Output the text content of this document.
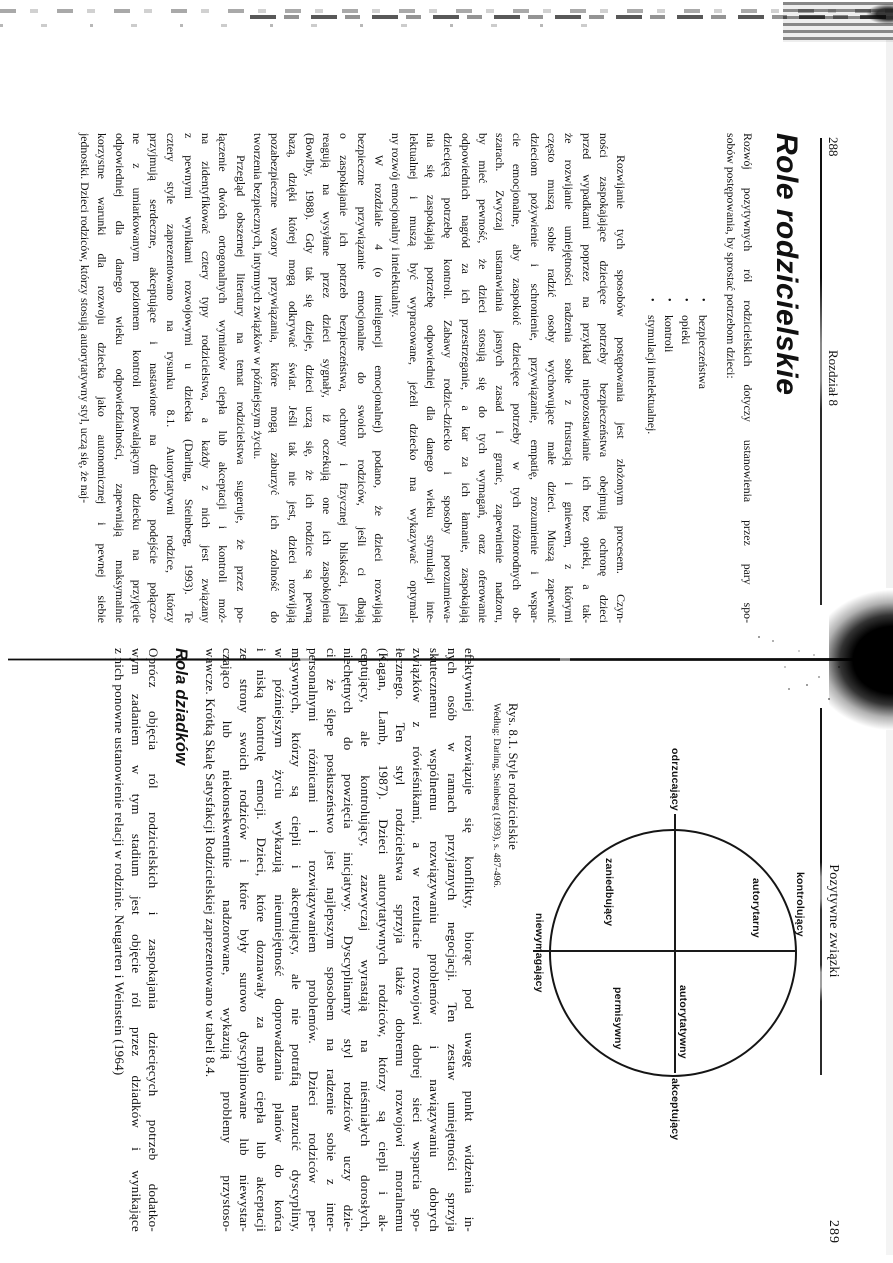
288
Rozdział 8
Role rodzicielskie
Rozwój pozytywnych ról rodzicielskich dotyczy ustanowienia przez pary spo-
sobów postępowania, by sprostać potrzebom dzieci:
•bezpieczeństwa
•opieki
•kontroli
•stymulacji intelektualnej.
Rozwijanie tych sposobów postępowania jest złożonym procesem. Czyn-
ności zaspokajające dziecięce potrzeby bezpieczeństwa obejmują ochronę dzieci
przed wypadkami poprzez na przykład niepozostawianie ich bez opieki, a tak-
że rozwijanie umiejętności radzenia sobie z frustracją i gniewem, z którymi
często muszą sobie radzić osoby wychowujące małe dzieci. Muszą zapewnić
dzieciom pożywienie i schronienie, przywiązanie, empatię, zrozumienie i wspar-
cie emocjonalne, aby zaspokoić dziecięce potrzeby w tych różnorodnych ob-
szarach. Zwyczaj ustanawiania jasnych zasad i granic, zapewnienie nadzoru,
by mieć pewność, że dzieci stosują się do tych wymagań, oraz oferowanie
odpowiednich nagród za ich przestrzeganie, a kar za ich łamanie, zaspokajają
dziecięcą potrzebę kontroli. Zabawy rodzic–dziecko i sposoby porozumiewa-
nia się zaspokajają potrzebę odpowiedniej dla danego wieku stymulacji inte-
lektualnej i muszą być wypracowane, jeżeli dziecko ma wykazywać optymal-
ny rozwój emocjonalny i intelektualny.
W rozdziale 4 (o inteligencji emocjonalnej) podano, że dzieci rozwijają
bezpieczne przywiązanie emocjonalne do swoich rodziców, jeśli ci dbają
o zaspokajanie ich potrzeb bezpieczeństwa, ochrony i fizycznej bliskości, jeśli
reagują na wysyłane przez dzieci sygnały, iż oczekują one ich zaspokojenia
(Bowlby, 1988). Gdy tak się dzieje, dzieci uczą się, że ich rodzice są pewną
bazą, dzięki której mogą odkrywać świat. Jeśli tak nie jest, dzieci rozwijają
pozabezpieczne wzory przywiązania, które mogą zaburzyć ich zdolność do
tworzenia bezpiecznych, intymnych związków w późniejszym życiu.
Przegląd obszernej literatury na temat rodzicielstwa sugeruje, że przez po-
łączenie dwóch ortogonalnych wymiarów ciepła lub akceptacji i kontroli moż-
na zidentyfikować cztery typy rodzicielstwa, a każdy z nich jest związany
z pewnymi wynikami rozwojowymi u dziecka (Darling, Steinberg, 1993). Te
cztery style zaprezentowano na rysunku 8.1. Autorytatywni rodzice, którzy
przyjmują serdeczne, akceptujące i nastawione na dziecko podejście połączo-
ne z umiarkowanym poziomem kontroli pozwalającym dziecku na przyjęcie
odpowiedniej dla danego wieku odpowiedzialności, zapewniają maksymalnie
korzystne warunki dla rozwoju dziecka jako autonomicznej i pewnej siebie
jednostki. Dzieci rodziców, którzy stosują autorytatywny styl, uczą się, że naj-
Pozytywne związki
289
kontrolujący
odrzucający
akceptujący
autorytarny
autorytatywny
zaniedbujący
permisywny
niewymagający
Rys. 8.1. Style rodzicielskie
Według: Darling, Steinberg (1993), s. 487-496.
efektywniej rozwiązuje się konflikty, biorąc pod uwagę punkt widzenia in-
nych osób w ramach przyjaznych negocjacji. Ten zestaw umiejętności sprzyja
skutecznemu wspólnemu rozwiązywaniu problemów i nawiązywaniu dobrych
związków z rówieśnikami, a w rezultacie rozwojowi dobrej sieci wsparcia spo-
łecznego. Ten styl rodzicielstwa sprzyja także dobremu rozwojowi moralnemu
(Kagan, Lamb, 1987). Dzieci autorytatywnych rodziców, którzy są ciepli i ak-
ceptujący, ale kontrolujący, zazwyczaj wyrastają na nieśmiałych dorosłych,
niechętnych do powzięcia inicjatywy. Dyscyplinarny styl rodziców uczy dzie-
ci, że ślepe posłuszeństwo jest najlepszym sposobem na radzenie sobie z inter-
personalnymi różnicami i rozwiązywaniem problemów. Dzieci rodziców per-
misywnych, którzy są ciepli i akceptujący, ale nie potrafią narzucić dyscypliny,
w późniejszym życiu wykazują nieumiejętność doprowadzania planów do końca
i niską kontrolę emocji. Dzieci, które doznawały za mało ciepła lub akceptacji
ze strony swoich rodziców i które były surowo dyscyplinowane lub niewystar-
czająco lub niekonsekwentnie nadzorowane, wykazują problemy przystoso-
wawcze. Krótką Skalę Satysfakcji Rodzicielskiej zaprezentowano w tabeli 8.4.
Rola dziadków
Oprócz objęcia ról rodzicielskich i zaspokajania dziecięcych potrzeb dodatko-
wym zadaniem w tym stadium jest objęcie ról przez dziadków i wynikające
z nich ponowne ustanowienie relacji w rodzinie. Neugarten i Weinstein (1964)
